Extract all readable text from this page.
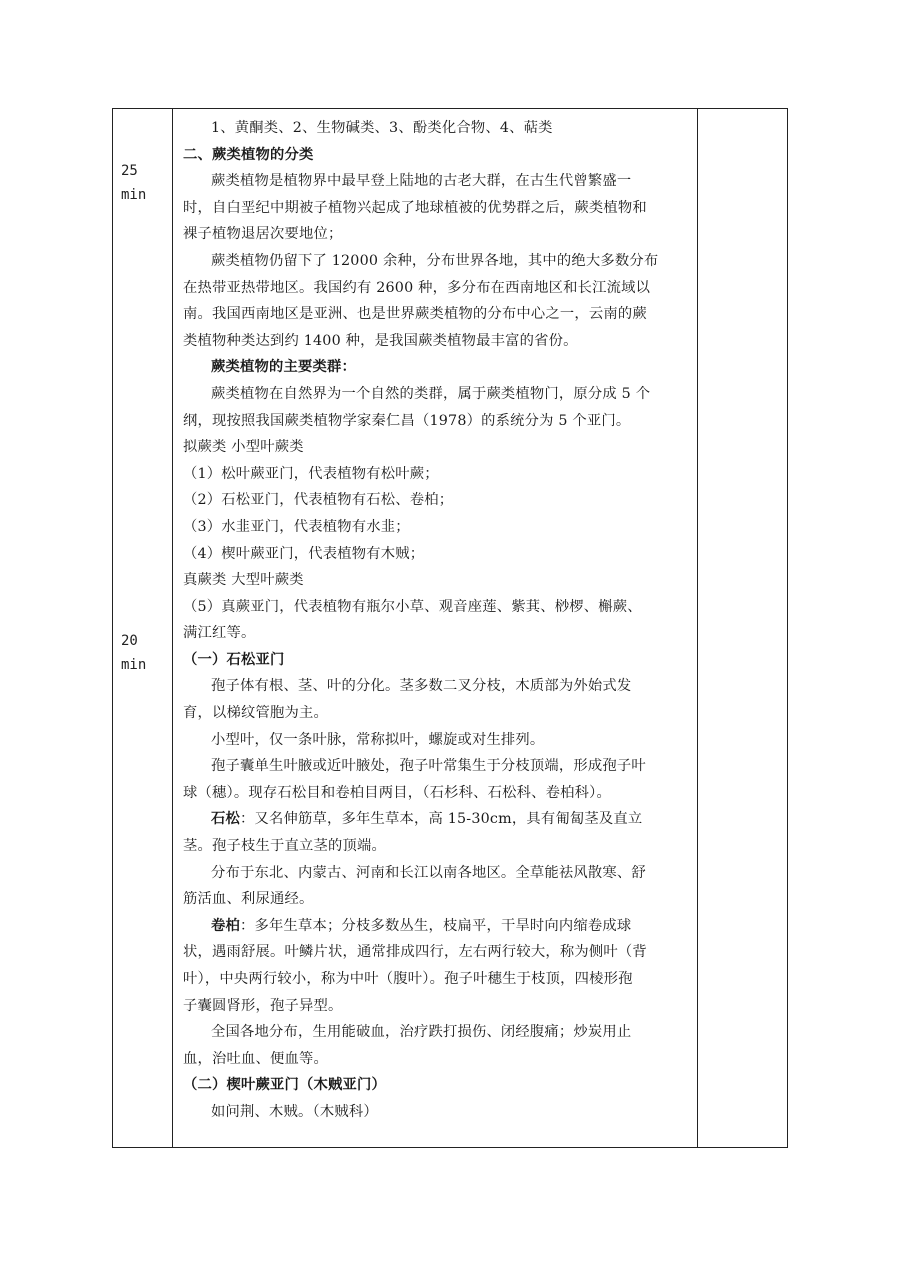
25
min
20
min
1、黄酮类、2、生物碱类、3、酚类化合物、4、萜类
二、蕨类植物的分类
蕨类植物是植物界中最早登上陆地的古老大群，在古生代曾繁盛一
时，自白垩纪中期被子植物兴起成了地球植被的优势群之后，蕨类植物和
裸子植物退居次要地位；
蕨类植物仍留下了 12000 余种，分布世界各地，其中的绝大多数分布
在热带亚热带地区。我国约有 2600 种，多分布在西南地区和长江流域以
南。我国西南地区是亚洲、也是世界蕨类植物的分布中心之一，云南的蕨
类植物种类达到约 1400 种，是我国蕨类植物最丰富的省份。
蕨类植物的主要类群：
蕨类植物在自然界为一个自然的类群，属于蕨类植物门，原分成 5 个
纲，现按照我国蕨类植物学家秦仁昌（1978）的系统分为 5 个亚门。
拟蕨类 小型叶蕨类
（1）松叶蕨亚门，代表植物有松叶蕨；
（2）石松亚门，代表植物有石松、卷柏；
（3）水韭亚门，代表植物有水韭；
（4）楔叶蕨亚门，代表植物有木贼；
真蕨类 大型叶蕨类
（5）真蕨亚门，代表植物有瓶尔小草、观音座莲、紫萁、桫椤、槲蕨、
满江红等。
（一）石松亚门
孢子体有根、茎、叶的分化。茎多数二叉分枝，木质部为外始式发
育，以梯纹管胞为主。
小型叶，仅一条叶脉，常称拟叶，螺旋或对生排列。
孢子囊单生叶腋或近叶腋处，孢子叶常集生于分枝顶端，形成孢子叶
球（穗）。现存石松目和卷柏目两目，（石杉科、石松科、卷柏科）。
石松：又名伸筋草，多年生草本，高 15-30cm，具有匍匐茎及直立
茎。孢子枝生于直立茎的顶端。
分布于东北、内蒙古、河南和长江以南各地区。全草能祛风散寒、舒
筋活血、利尿通经。
卷柏：多年生草本；分枝多数丛生，枝扁平，干旱时向内缩卷成球
状，遇雨舒展。叶鳞片状，通常排成四行，左右两行较大，称为侧叶（背
叶），中央两行较小，称为中叶（腹叶）。孢子叶穗生于枝顶，四棱形孢
子囊圆肾形，孢子异型。
全国各地分布，生用能破血，治疗跌打损伤、闭经腹痛；炒炭用止
血，治吐血、便血等。
（二）楔叶蕨亚门（木贼亚门）
如问荆、木贼。（木贼科）
